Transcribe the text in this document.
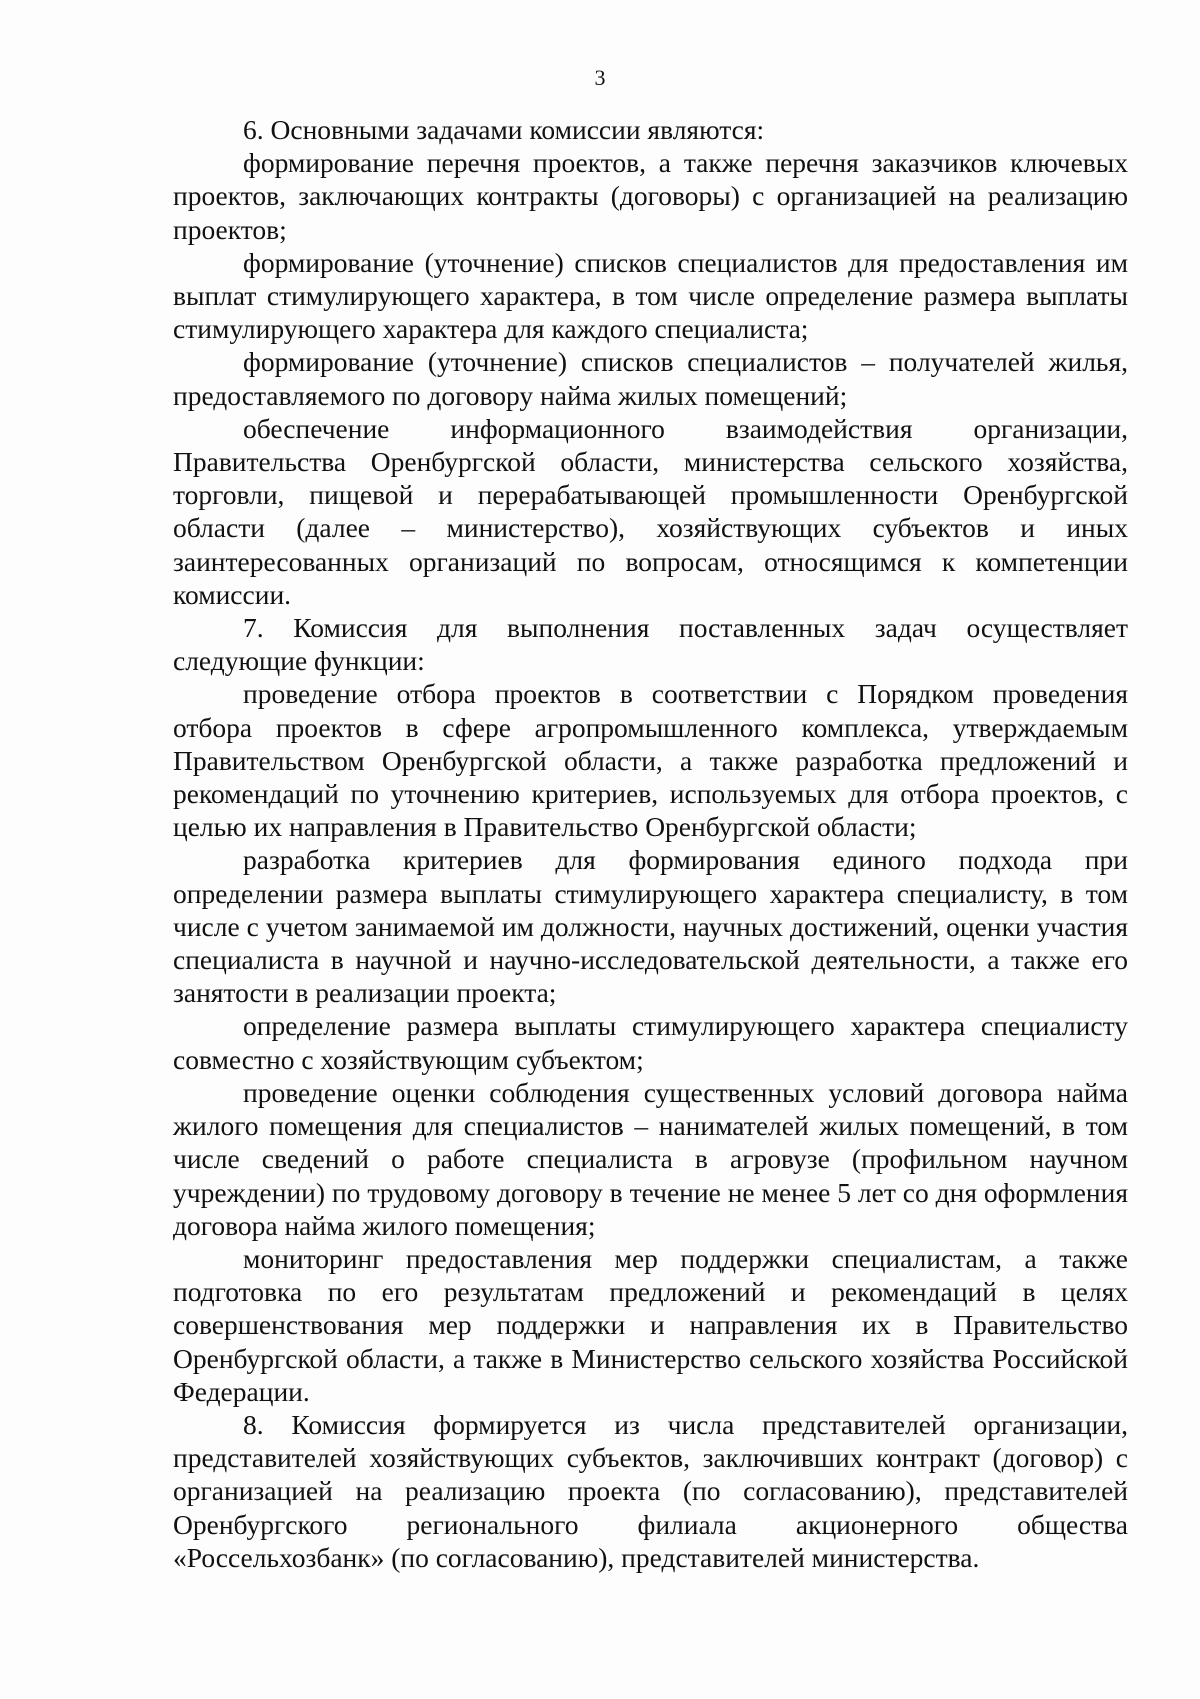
3

6. Основными задачами комиссии являются:

формирование перечня проектов, а также перечня заказчиков ключевых проектов, заключающих контракты (договоры) с организацией на реализацию проектов;

формирование (уточнение) списков специалистов для предоставления им выплат стимулирующего характера, в том числе определение размера выплаты стимулирующего характера для каждого специалиста;

формирование (уточнение) списков специалистов – получателей жилья, предоставляемого по договору найма жилых помещений;

обеспечение информационного взаимодействия организации, Правительства Оренбургской области, министерства сельского хозяйства, торговли, пищевой и перерабатывающей промышленности Оренбургской области (далее – министерство), хозяйствующих субъектов и иных заинтересованных организаций по вопросам, относящимся к компетенции комиссии.

7. Комиссия для выполнения поставленных задач осуществляет следующие функции:

проведение отбора проектов в соответствии с Порядком проведения отбора проектов в сфере агропромышленного комплекса, утверждаемым Правительством Оренбургской области, а также разработка предложений и рекомендаций по уточнению критериев, используемых для отбора проектов, с целью их направления в Правительство Оренбургской области;

разработка критериев для формирования единого подхода при определении размера выплаты стимулирующего характера специалисту, в том числе с учетом занимаемой им должности, научных достижений, оценки участия специалиста в научной и научно-исследовательской деятельности, а также его занятости в реализации проекта;

определение размера выплаты стимулирующего характера специалисту совместно с хозяйствующим субъектом;

проведение оценки соблюдения существенных условий договора найма жилого помещения для специалистов – нанимателей жилых помещений, в том числе сведений о работе специалиста в агровузе (профильном научном учреждении) по трудовому договору в течение не менее 5 лет со дня оформления договора найма жилого помещения;

мониторинг предоставления мер поддержки специалистам, а также подготовка по его результатам предложений и рекомендаций в целях совершенствования мер поддержки и направления их в Правительство Оренбургской области, а также в Министерство сельского хозяйства Российской Федерации.

8. Комиссия формируется из числа представителей организации, представителей хозяйствующих субъектов, заключивших контракт (договор) с организацией на реализацию проекта (по согласованию), представителей Оренбургского регионального филиала акционерного общества «Россельхозбанк» (по согласованию), представителей министерства.
